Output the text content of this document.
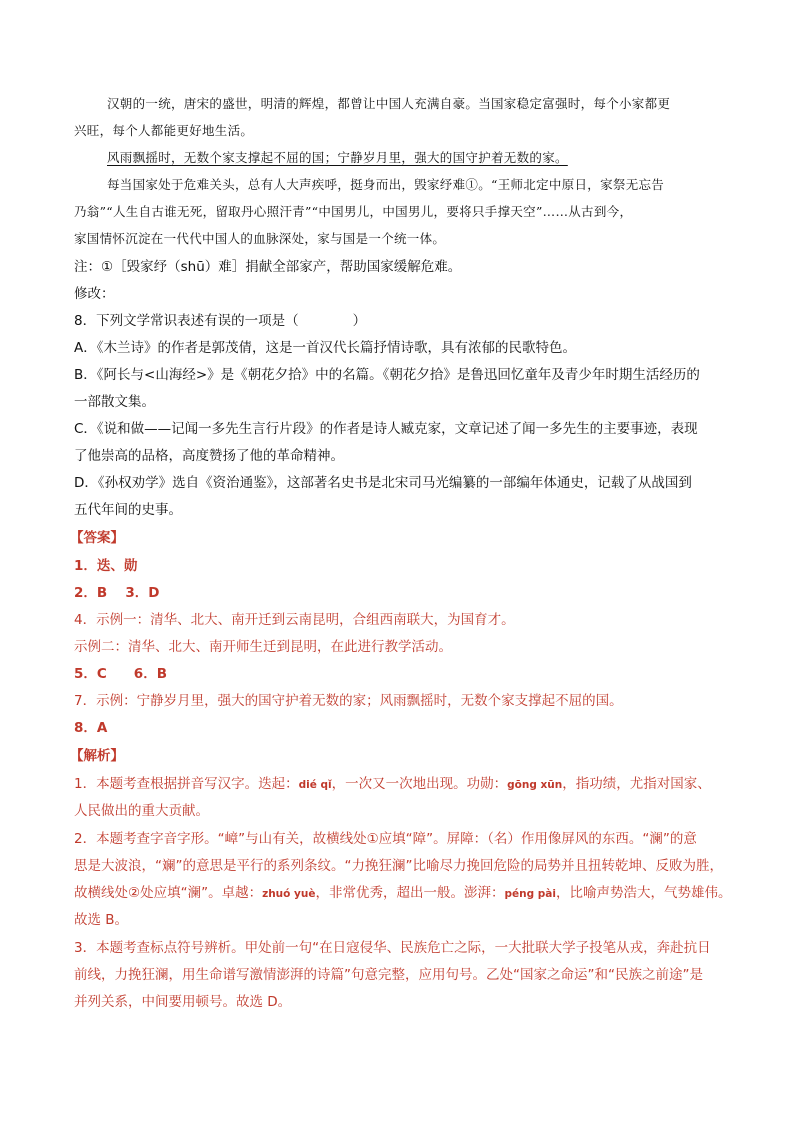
汉朝的一统，唐宋的盛世，明清的辉煌，都曾让中国人充满自豪。当国家稳定富强时，每个小家都更
兴旺，每个人都能更好地生活。
风雨飘摇时，无数个家支撑起不屈的国；宁静岁月里，强大的国守护着无数的家。
每当国家处于危难关头，总有人大声疾呼，挺身而出，毁家纾难①。“王师北定中原日，家祭无忘告
乃翁”“人生自古谁无死，留取丹心照汗青”“中国男儿，中国男儿，要将只手撑天空”……从古到今，
家国情怀沉淀在一代代中国人的血脉深处，家与国是一个统一体。
注：①［毁家纾（shū）难］捐献全部家产，帮助国家缓解危难。
修改：
8．下列文学常识表述有误的一项是（　　　　）
A．《木兰诗》的作者是郭茂倩，这是一首汉代长篇抒情诗歌，具有浓郁的民歌特色。
B．《阿长与<山海经>》是《朝花夕拾》中的名篇。《朝花夕拾》是鲁迅回忆童年及青少年时期生活经历的
一部散文集。
C．《说和做——记闻一多先生言行片段》的作者是诗人臧克家，文章记述了闻一多先生的主要事迹，表现
了他崇高的品格，高度赞扬了他的革命精神。
D．《孙权劝学》选自《资治通鉴》，这部著名史书是北宋司马光编纂的一部编年体通史，记载了从战国到
五代年间的史事。
【答案】
1．迭、勋
2．B　 3．D
4．示例一：清华、北大、南开迁到云南昆明，合组西南联大，为国育才。
示例二：清华、北大、南开师生迁到昆明，在此进行教学活动。
5．C　　6．B
7．示例：宁静岁月里，强大的国守护着无数的家；风雨飘摇时，无数个家支撑起不屈的国。
8．A
【解析】
1．本题考查根据拼音写汉字。迭起：dié qǐ，一次又一次地出现。功勋：gōng xūn，指功绩，尤指对国家、
人民做出的重大贡献。
2．本题考查字音字形。“嶂”与山有关，故横线处①应填“障”。屏障：（名）作用像屏风的东西。“澜”的意
思是大波浪，“斓”的意思是平行的系列条纹。“力挽狂澜”比喻尽力挽回危险的局势并且扭转乾坤、反败为胜，
故横线处②处应填“澜”。卓越：zhuó yuè，非常优秀，超出一般。澎湃：péng pài，比喻声势浩大，气势雄伟。
故选 B。
3．本题考查标点符号辨析。甲处前一句“在日寇侵华、民族危亡之际，一大批联大学子投笔从戎，奔赴抗日
前线，力挽狂澜，用生命谱写激情澎湃的诗篇”句意完整，应用句号。乙处“国家之命运”和“民族之前途”是
并列关系，中间要用顿号。故选 D。
